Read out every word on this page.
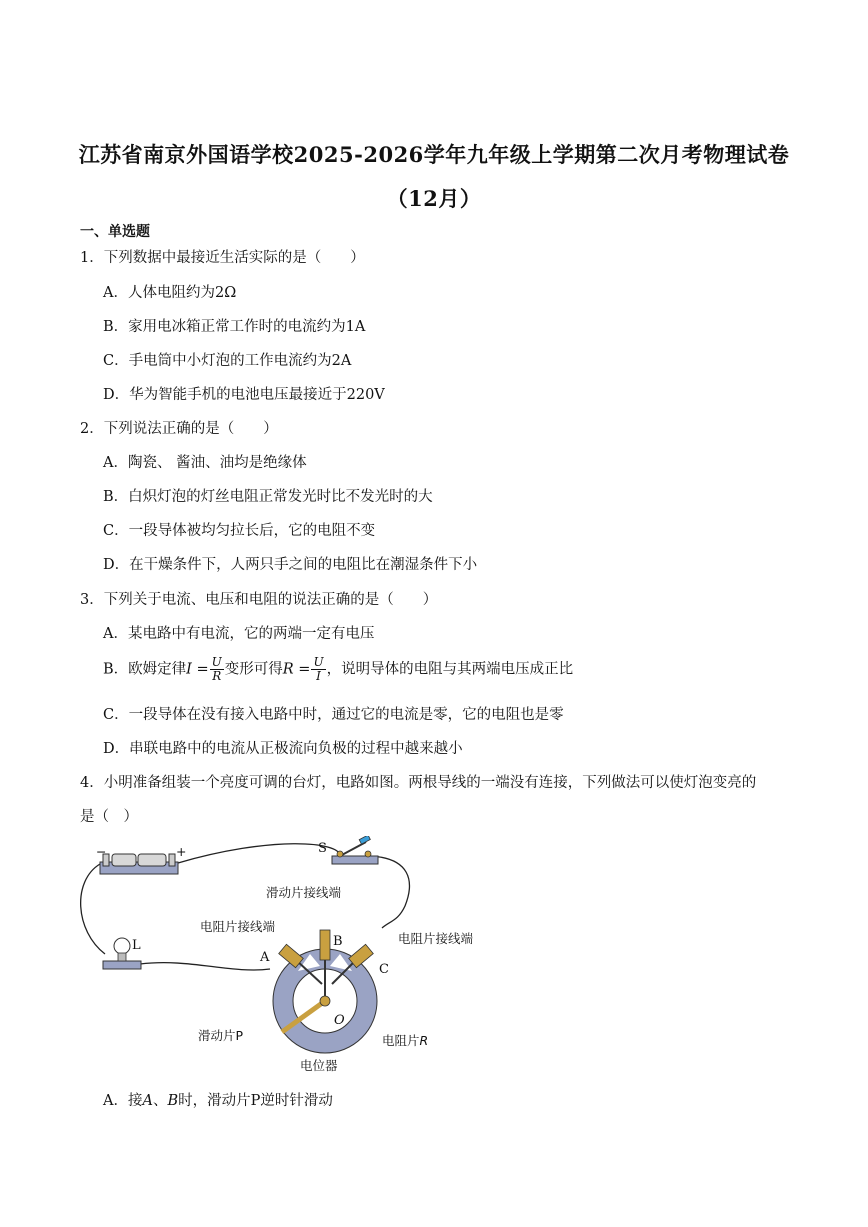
江苏省南京外国语学校2025-2026学年九年级上学期第二次月考物理试卷
（12月）
一、单选题
1．下列数据中最接近生活实际的是（　　）
A．人体电阻约为2Ω
B．家用电冰箱正常工作时的电流约为1A
C．手电筒中小灯泡的工作电流约为2A
D．华为智能手机的电池电压最接近于220V
2．下列说法正确的是（　　）
A．陶瓷、 酱油、油均是绝缘体
B．白炽灯泡的灯丝电阻正常发光时比不发光时的大
C．一段导体被均匀拉长后，它的电阻不变
D．在干燥条件下，人两只手之间的电阻比在潮湿条件下小
3．下列关于电流、电压和电阻的说法正确的是（　　）
A．某电路中有电流，它的两端一定有电压
B．欧姆定律$I = \frac{U}{R}$ 变形可得$R = \frac{U}{I}$ ，说明导体的电阻与其两端电压成正比
C．一段导体在没有接入电路中时，通过它的电流是零，它的电阻也是零
D．串联电路中的电流从正极流向负极的过程中越来越小
4．小明准备组装一个亮度可调的台灯，电路如图。两根导线的一端没有连接，下列做法可以使灯泡变亮的
是（　）
−	+	S
L
滑动片接线端
电阻片接线端
电阻片接线端
A
B
C
O
滑动片P	电阻片R
电位器
A．接A、B时，滑动片P逆时针滑动
